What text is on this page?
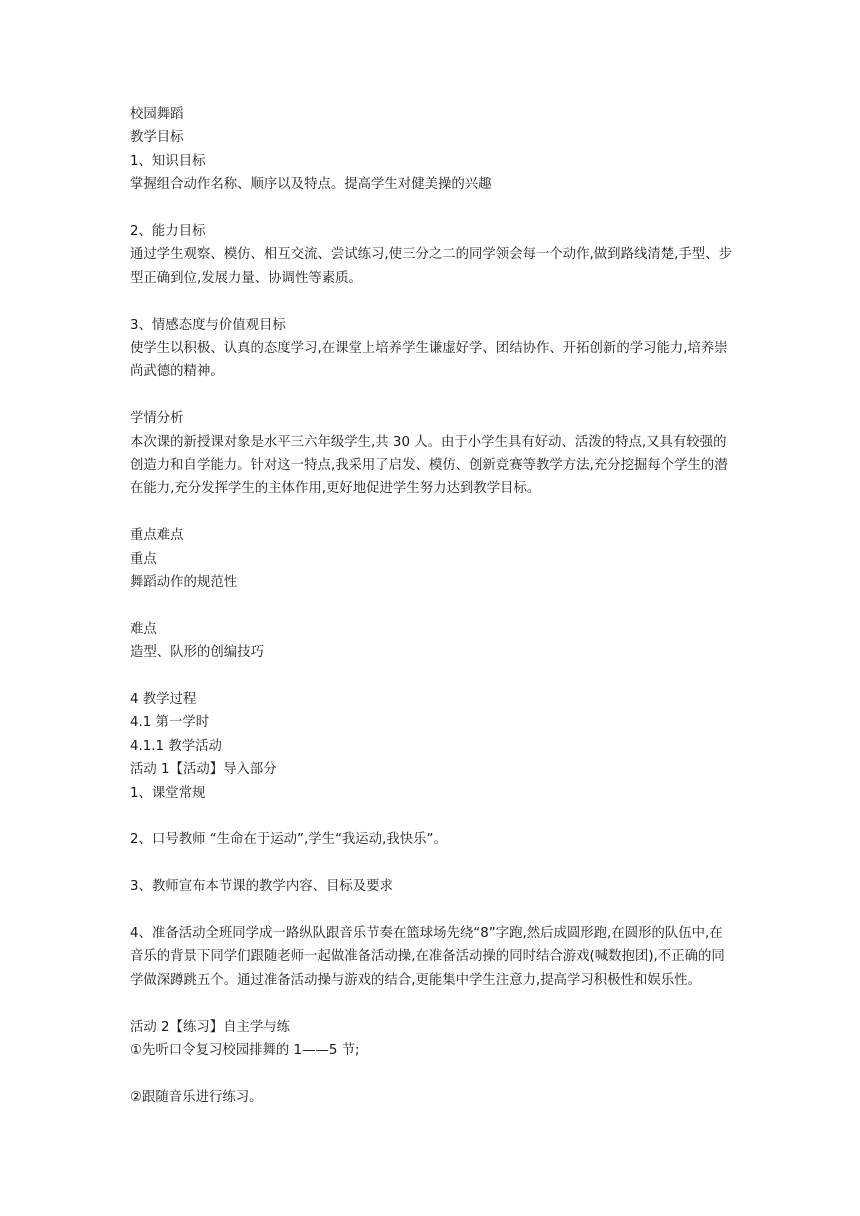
校园舞蹈
教学目标
1、知识目标
掌握组合动作名称、顺序以及特点。提高学生对健美操的兴趣
2、能力目标
通过学生观察、模仿、相互交流、尝试练习,使三分之二的同学领会每一个动作,做到路线清楚,手型、步型正确到位,发展力量、协调性等素质。
3、情感态度与价值观目标
使学生以积极、认真的态度学习,在课堂上培养学生谦虚好学、团结协作、开拓创新的学习能力,培养崇尚武德的精神。
学情分析
本次课的新授课对象是水平三六年级学生,共 30 人。由于小学生具有好动、活泼的特点,又具有较强的创造力和自学能力。针对这一特点,我采用了启发、模仿、创新竞赛等教学方法,充分挖掘每个学生的潜在能力,充分发挥学生的主体作用,更好地促进学生努力达到教学目标。
重点难点
重点
舞蹈动作的规范性
难点
造型、队形的创编技巧
4 教学过程
4.1 第一学时
4.1.1 教学活动
活动 1【活动】导入部分
1、课堂常规
2、口号教师 “生命在于运动”,学生“我运动,我快乐”。
3、教师宣布本节课的教学内容、目标及要求
4、准备活动全班同学成一路纵队跟音乐节奏在篮球场先绕“8”字跑,然后成圆形跑,在圆形的队伍中,在音乐的背景下同学们跟随老师一起做准备活动操,在准备活动操的同时结合游戏(喊数抱团),不正确的同学做深蹲跳五个。通过准备活动操与游戏的结合,更能集中学生注意力,提高学习积极性和娱乐性。
活动 2【练习】自主学与练
①先听口令复习校园排舞的 1——5 节;
②跟随音乐进行练习。
